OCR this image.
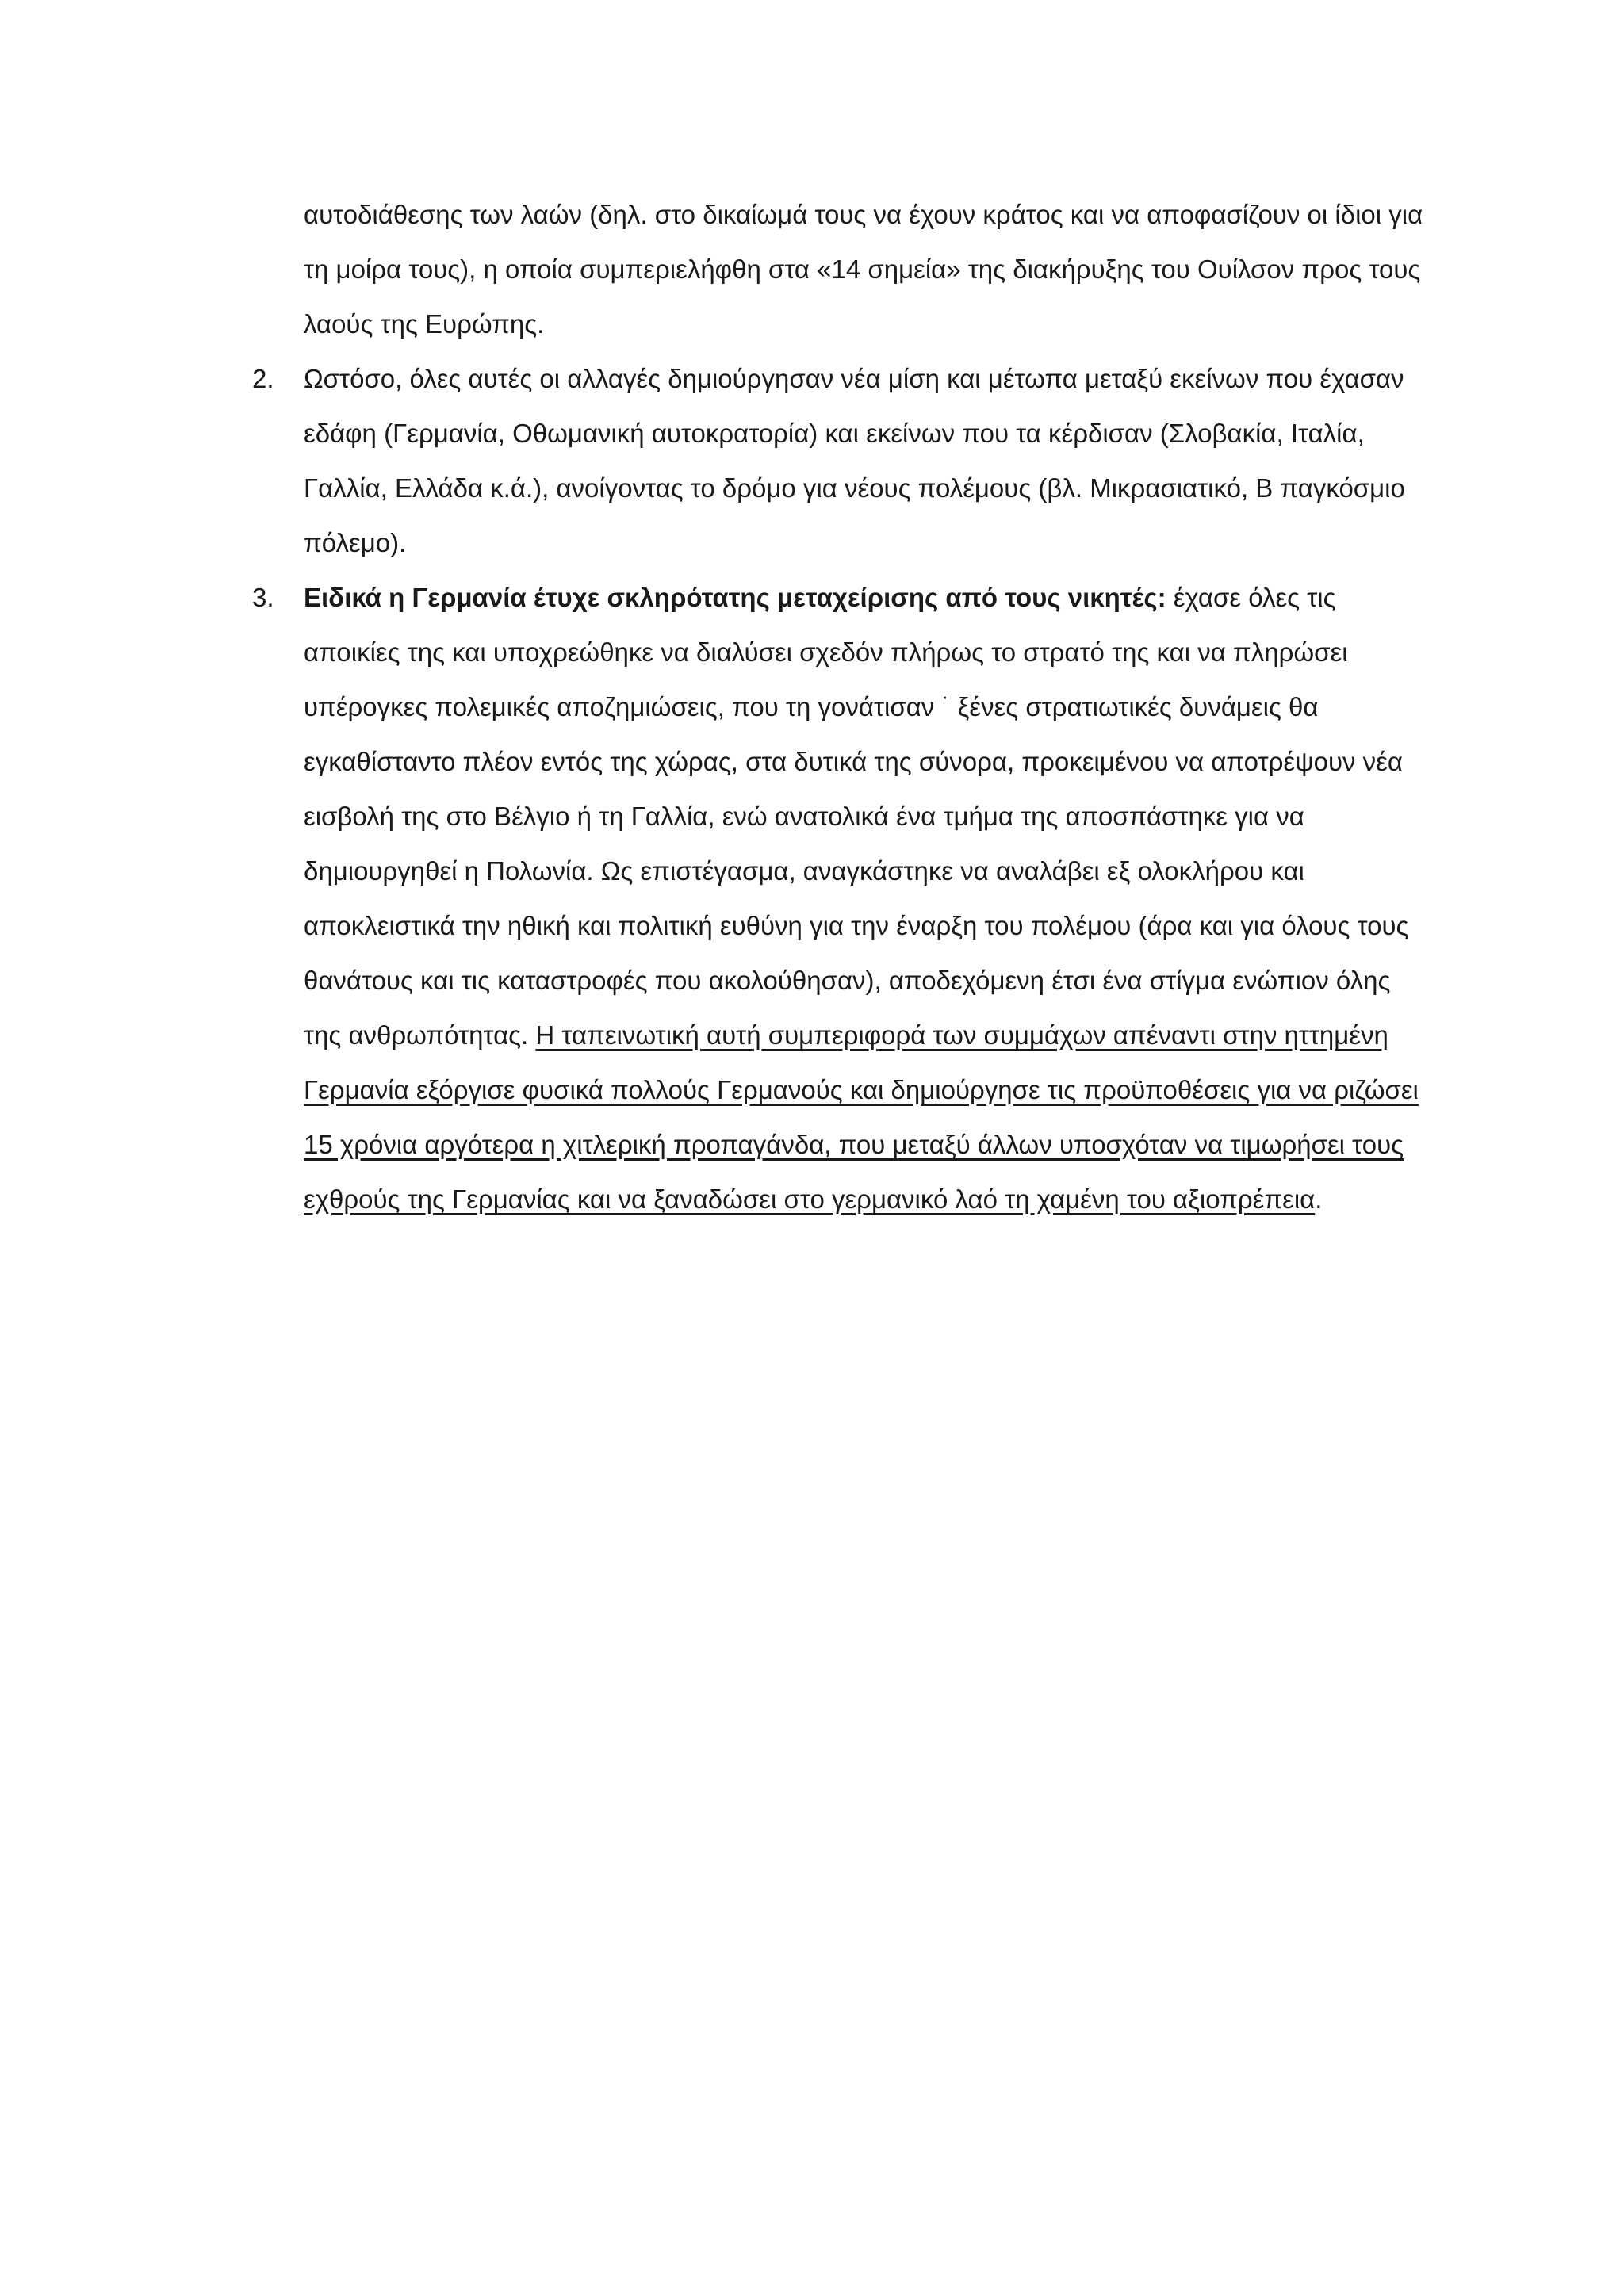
αυτοδιάθεσης των λαών (δηλ. στο δικαίωμά τους να έχουν κράτος και να αποφασίζουν οι ίδιοι για τη μοίρα τους), η οποία συμπεριελήφθη στα «14 σημεία» της διακήρυξης του Ουίλσον προς τους λαούς της Ευρώπης.
2. Ωστόσο, όλες αυτές οι αλλαγές δημιούργησαν νέα μίση και μέτωπα μεταξύ εκείνων που έχασαν εδάφη (Γερμανία, Οθωμανική αυτοκρατορία) και εκείνων που τα κέρδισαν (Σλοβακία, Ιταλία, Γαλλία, Ελλάδα κ.ά.), ανοίγοντας το δρόμο για νέους πολέμους (βλ. Μικρασιατικό, Β παγκόσμιο πόλεμο).
3. Ειδικά η Γερμανία έτυχε σκληρότατης μεταχείρισης από τους νικητές: έχασε όλες τις αποικίες της και υποχρεώθηκε να διαλύσει σχεδόν πλήρως το στρατό της και να πληρώσει υπέρογκες πολεμικές αποζημιώσεις, που τη γονάτισαν ˙ ξένες στρατιωτικές δυνάμεις θα εγκαθίσταντο πλέον εντός της χώρας, στα δυτικά της σύνορα, προκειμένου να αποτρέψουν νέα εισβολή της στο Βέλγιο ή τη Γαλλία, ενώ ανατολικά ένα τμήμα της αποσπάστηκε για να δημιουργηθεί η Πολωνία. Ως επιστέγασμα, αναγκάστηκε να αναλάβει εξ ολοκλήρου και αποκλειστικά την ηθική και πολιτική ευθύνη για την έναρξη του πολέμου (άρα και για όλους τους θανάτους και τις καταστροφές που ακολούθησαν), αποδεχόμενη έτσι ένα στίγμα ενώπιον όλης της ανθρωπότητας. Η ταπεινωτική αυτή συμπεριφορά των συμμάχων απέναντι στην ηττημένη Γερμανία εξόργισε φυσικά πολλούς Γερμανούς και δημιούργησε τις προϋποθέσεις για να ριζώσει 15 χρόνια αργότερα η χιτλερική προπαγάνδα, που μεταξύ άλλων υποσχόταν να τιμωρήσει τους εχθρούς της Γερμανίας και να ξαναδώσει στο γερμανικό λαό τη χαμένη του αξιοπρέπεια.
